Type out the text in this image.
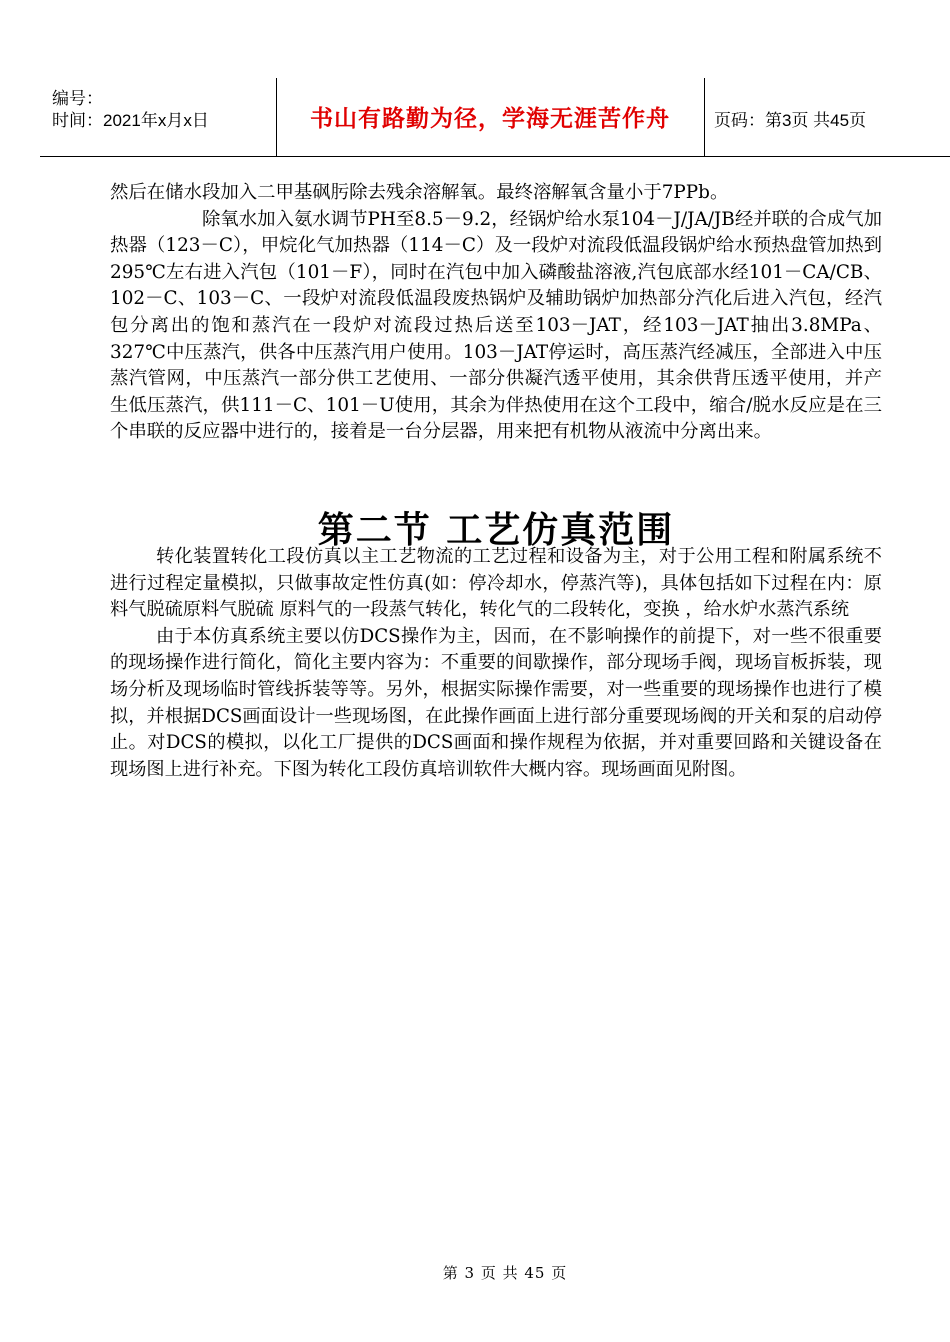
编号：
时间：2021年x月x日	书山有路勤为径，学海无涯苦作舟	页码：第3页 共45页

然后在储水段加入二甲基砜肟除去残余溶解氧。最终溶解氧含量小于7PPb。

除氧水加入氨水调节PH至8.5－9.2，经锅炉给水泵104－J/JA/JB经并联的合成气加热器（123－C），甲烷化气加热器（114－C）及一段炉对流段低温段锅炉给水预热盘管加热到295℃左右进入汽包（101－F），同时在汽包中加入磷酸盐溶液,汽包底部水经101－CA/CB、102－C、103－C、一段炉对流段低温段废热锅炉及辅助锅炉加热部分汽化后进入汽包，经汽包分离出的饱和蒸汽在一段炉对流段过热后送至103－JAT，经103－JAT抽出3.8MPa、327℃中压蒸汽，供各中压蒸汽用户使用。103－JAT停运时，高压蒸汽经减压，全部进入中压蒸汽管网，中压蒸汽一部分供工艺使用、一部分供凝汽透平使用，其余供背压透平使用，并产生低压蒸汽，供111－C、101－U使用，其余为伴热使用在这个工段中，缩合/脱水反应是在三个串联的反应器中进行的，接着是一台分层器，用来把有机物从液流中分离出来。

第二节 工艺仿真范围

转化装置转化工段仿真以主工艺物流的工艺过程和设备为主，对于公用工程和附属系统不进行过程定量模拟，只做事故定性仿真(如：停冷却水，停蒸汽等)，具体包括如下过程在内：原料气脱硫原料气脱硫 原料气的一段蒸气转化，转化气的二段转化，变换 ，给水炉水蒸汽系统

由于本仿真系统主要以仿DCS操作为主，因而，在不影响操作的前提下，对一些不很重要的现场操作进行简化，简化主要内容为：不重要的间歇操作，部分现场手阀，现场盲板拆装，现场分析及现场临时管线拆装等等。另外，根据实际操作需要，对一些重要的现场操作也进行了模拟，并根据DCS画面设计一些现场图，在此操作画面上进行部分重要现场阀的开关和泵的启动停止。对DCS的模拟，以化工厂提供的DCS画面和操作规程为依据，并对重要回路和关键设备在现场图上进行补充。下图为转化工段仿真培训软件大概内容。现场画面见附图。

第 3 页 共 45 页
